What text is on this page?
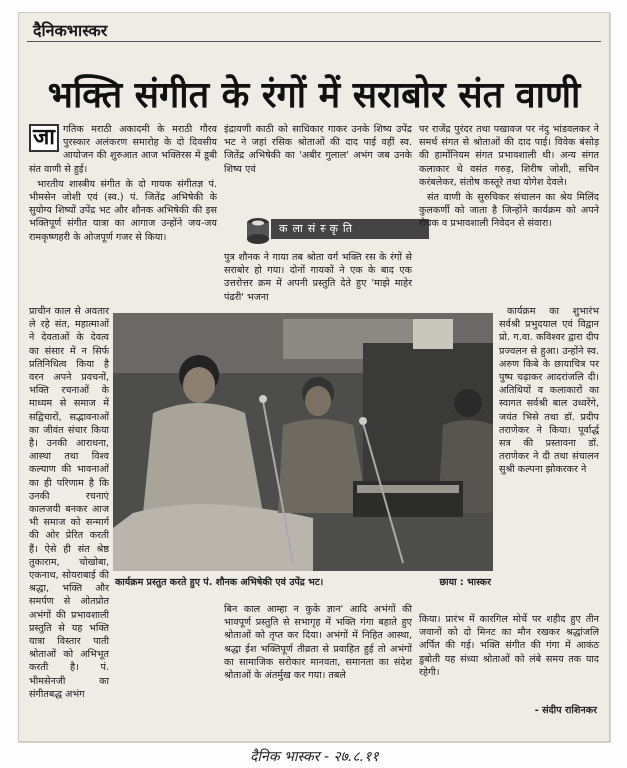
दैनिकभास्कर
भक्ति संगीत के रंगों में सराबोर संत वाणी
जा गतिक मराठी अकादमी के मराठी गौरव पुरस्कार अलंकरण समारोह के दो दिवसीय आयोजन की शुरुआत आज भक्तिरस में डूबी संत वाणी से हुई।

भारतीय शास्त्रीय संगीत के दो गायक संगीतज्ञ पं. भीमसेन जोशी एवं (स्व.) पं. जितेंद्र अभिषेकी के सुयोग्य शिष्यों उपेंद्र भट और शौनक अभिषेकी की इस भक्तिपूर्ण संगीत यात्रा का आगाज उन्होंने जय-जय रामकृष्णहरी के ओजपूर्ण गजर से किया।

प्राचीन काल से अवतार ले रहे संत, महात्माओं ने देवताओं के देवत्व का संसार में न सिर्फ प्रतिनिधित्व किया है वरन अपने प्रवचनों, भक्ति रचनाओं के माध्यम से समाज में सद्विचारों, सद्भावनाओं का जीवंत संचार किया है। उनकी आराधना, आस्था तथा विश्व कल्याण की भावनाओं का ही परिणाम है कि उनकी रचनाएं कालजयी बनकर आज भी समाज को सन्मार्ग की ओर प्रेरित करती हैं। ऐसे ही संत श्रेष्ठ तुकाराम, चोखोबा, एकनाथ, सोयराबाई की श्रद्धा, भक्ति और समर्पण से ओतप्रोत अभंगों की प्रभावशाली प्रस्तुति से यह भक्ति यात्रा विस्तार पाती श्रोताओं को अभिभूत करती है। पं. भीमसेनजी का संगीतबद्ध अभंग

इंद्रायणी काठी को साधिकार गाकर उनके शिष्य उपेंद्र भट ने जहां रसिक श्रोताओं की दाद पाई वहीं स्व. जितेंद्र अभिषेकी का 'अबीर गुलाल' अभंग जब उनके शिष्य एवं

कलासंस्कृति

पुत्र शौनक ने गाया तब श्रोता वर्ग भक्ति रस के रंगों से सराबोर हो गया। दोनों गायकों ने एक के बाद एक उत्तरोत्तर क्रम में अपनी प्रस्तुति देते हुए 'माझे माहेर पंढरी' भजना

पर राजेंद्र पुरंदर तथा पखावज पर नंदु भांडवलकर ने समर्थ संगत से श्रोताओं की दाद पाई। विवेक बंसोड़ की हार्मोनियम संगत प्रभावशाली थी। अन्य संगत कलाकार थे वसंत गरुड़, शिरीष जोशी, सचिन करंबलेकर, संतोष कस्तूरे तथा योगेश देवले।

संत वाणी के सुरुचिकर संचालन का श्रेय मिलिंद कुलकर्णी को जाता है जिन्होंने कार्यक्रम को अपने रोचक व प्रभावशाली निवेदन से संवारा।

कार्यक्रम का शुभारंभ सर्वश्री प्रभुदयाल एवं विद्वान प्रो. ग.वा. कविश्वर द्वारा दीप प्रज्वलन से हुआ। उन्होंने स्व. अरुण किबे के छायाचित्र पर पुष्प चढ़ाकर आदरांजलि दी। अतिथियों व कलाकारों का स्वागत सर्वश्री बाल उध्वरेंगे, जयंत भिसे तथा डॉ. प्रदीप तराणेकर ने किया। पूर्वार्द्ध सत्र की प्रस्तावना डॉ. तराणेकर ने दी तथा संचालन सुश्री कल्पना झोकरकर ने

कार्यक्रम प्रस्तुत करते हुए पं. शौनक अभिषेकी एवं उपेंद्र भट।	छाया : भास्कर

बिन काल आम्हा न कुके ज्ञान' आदि अभंगों की भावपूर्ण प्रस्तुति से सभागृह में भक्ति गंगा बहाते हुए श्रोताओं को तृप्त कर दिया। अभंगों में निहित आस्था, श्रद्धा ईश भक्तिपूर्ण तीव्रता से प्रवाहित हुई तो अभंगों का सामाजिक सरोकार मानवता, समानता का संदेश श्रोताओं के अंतर्मुख कर गया। तबले

किया। प्रारंभ में कारगिल मोर्चे पर शहीद हुए तीन जवानों को दो मिनट का मौन रखकर श्रद्धांजलि अर्पित की गई। भक्ति संगीत की गंगा में आकंठ डुबोती यह संध्या श्रोताओं को लंबे समय तक याद रहेगी।

- संदीप राशिनकर
दैनिक भास्कर - २७.८.११
